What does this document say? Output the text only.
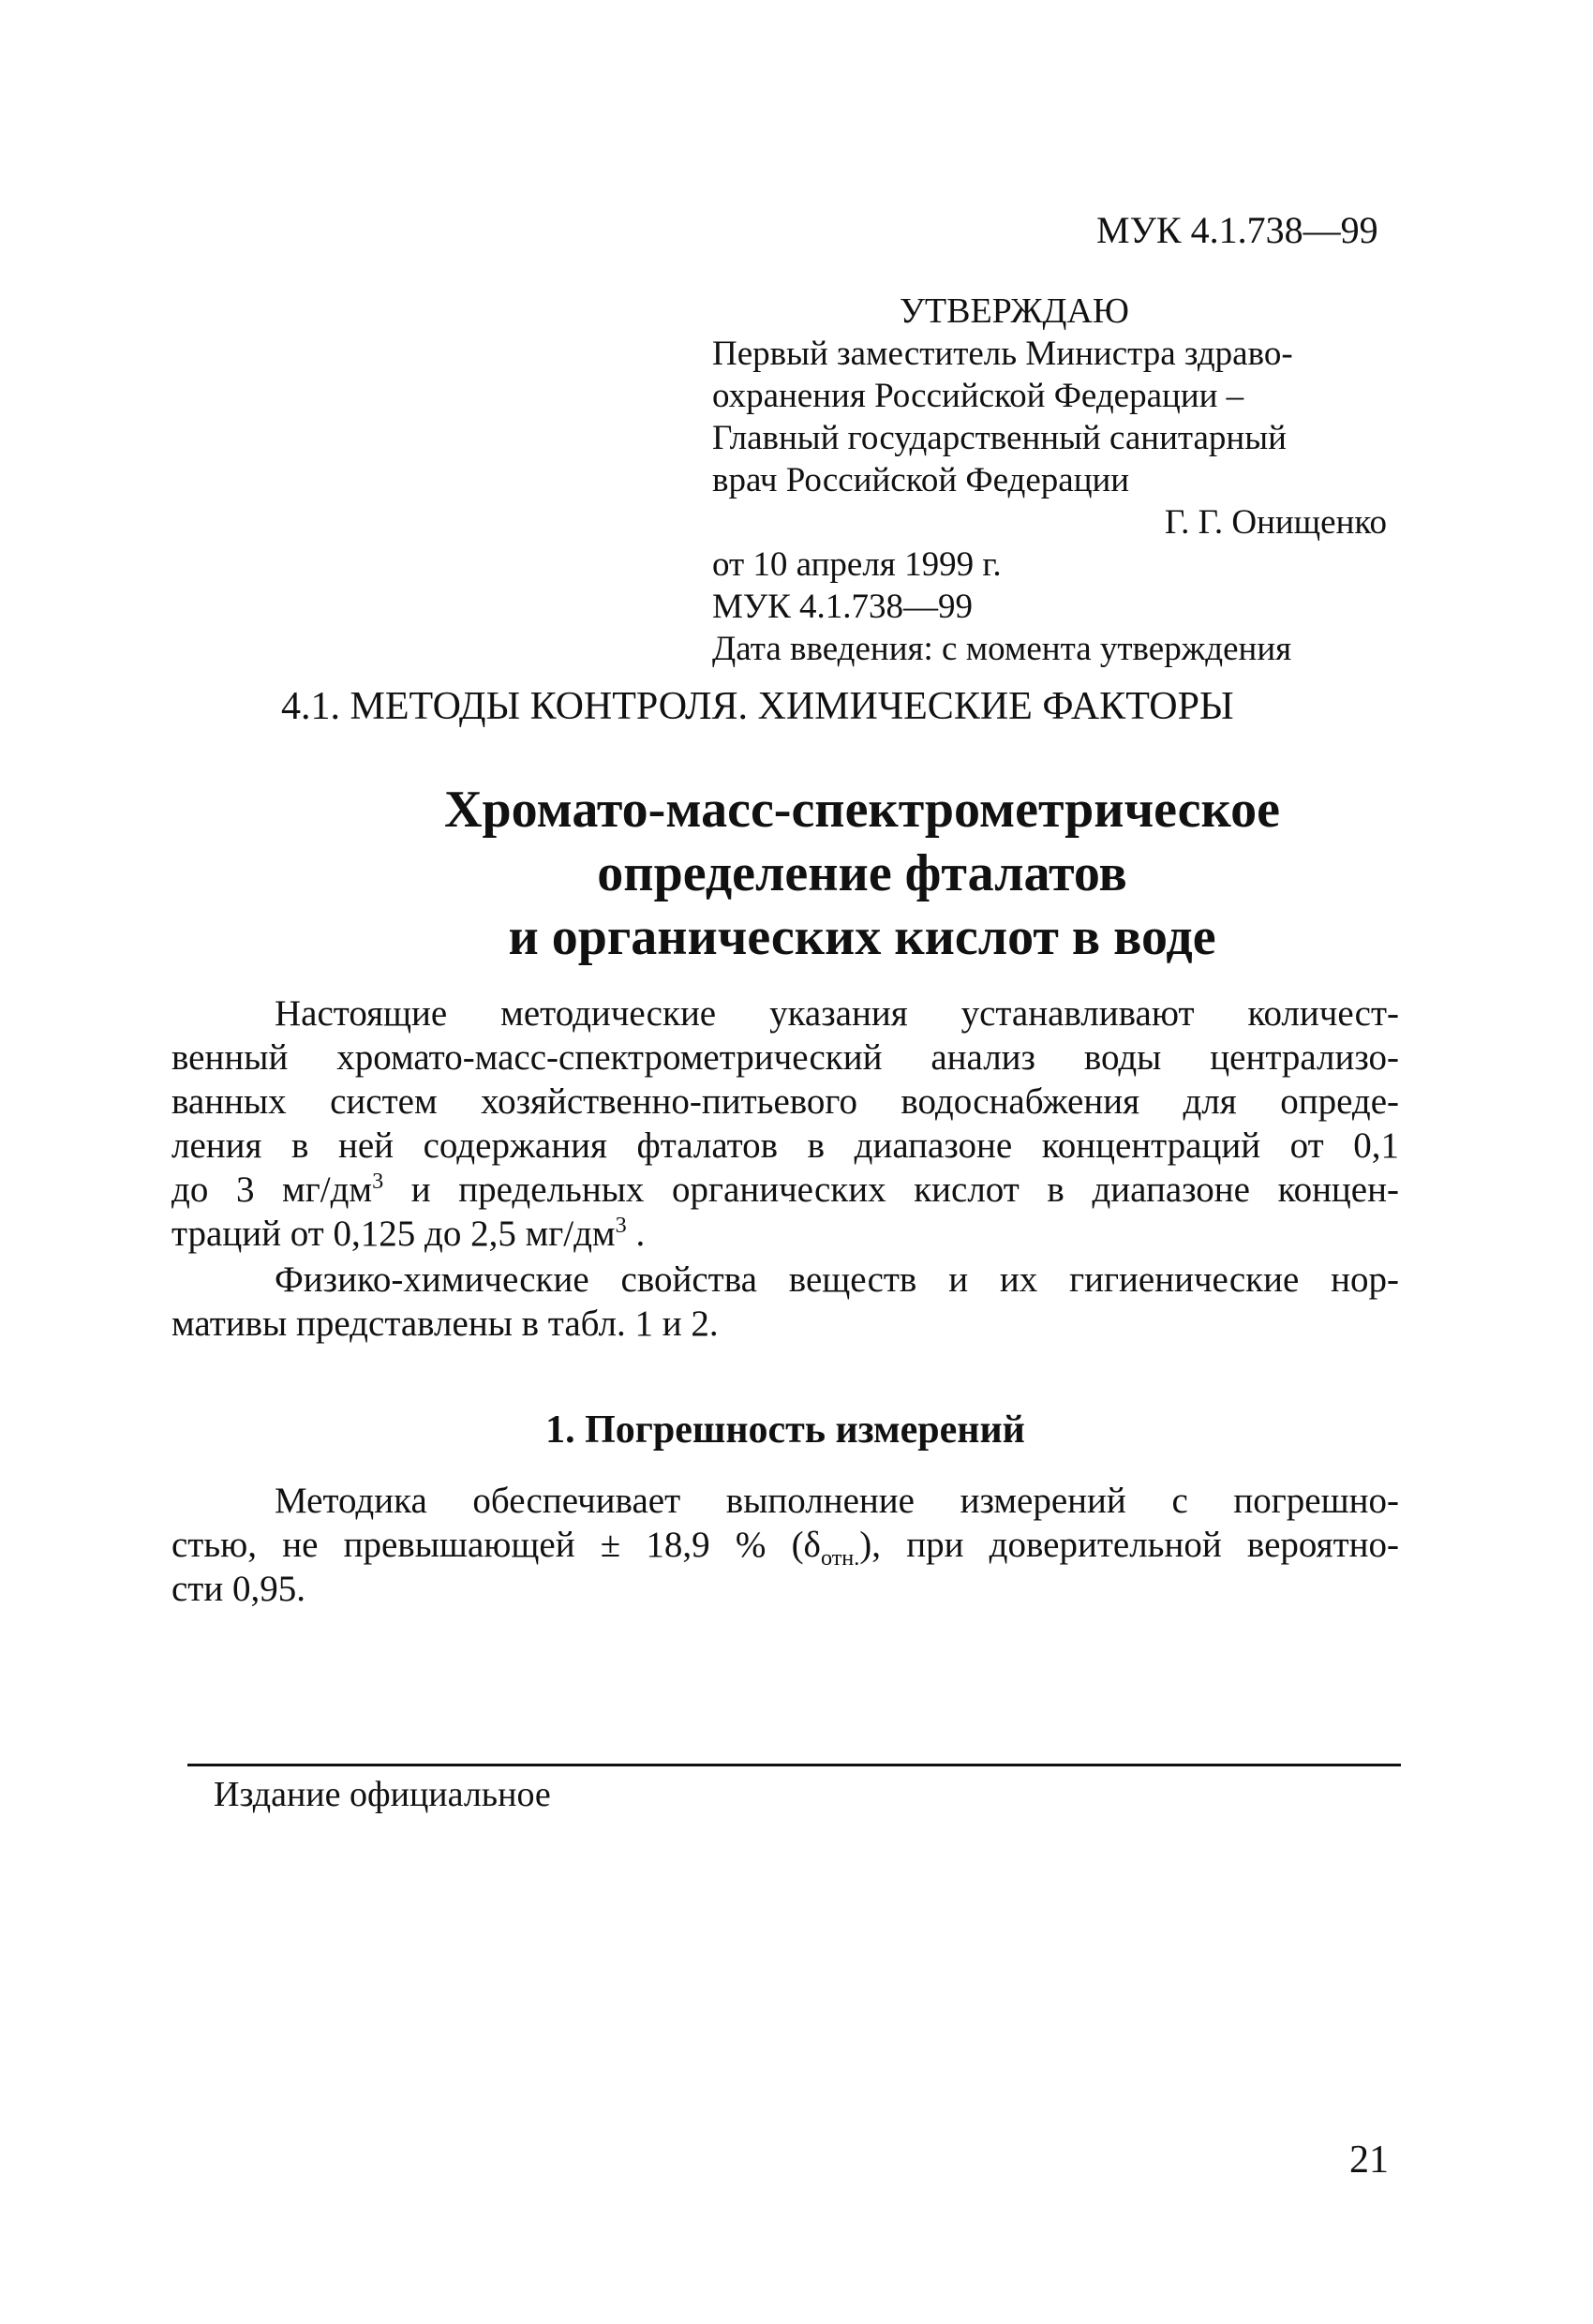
МУК 4.1.738—99
УТВЕРЖДАЮ
Первый заместитель Министра здраво-
охранения Российской Федерации –
Главный государственный санитарный
врач Российской Федерации
Г. Г. Онищенко
от 10 апреля 1999 г.
МУК 4.1.738—99
Дата введения: с момента утверждения
4.1. МЕТОДЫ КОНТРОЛЯ. ХИМИЧЕСКИЕ ФАКТОРЫ
Хромато-масс-спектрометрическое
определение фталатов
и органических кислот в воде
Настоящие методические указания устанавливают количест-
венный хромато-масс-спектрометрический анализ воды централизо-
ванных систем хозяйственно-питьевого водоснабжения для опреде-
ления в ней содержания фталатов в диапазоне концентраций от 0,1
до 3 $мг/дм^3$ и предельных органических кислот в диапазоне концен-
траций от 0,125 до 2,5 $мг/дм^3$ .
Физико-химические свойства веществ и их гигиенические нор-
мативы представлены в табл. 1 и 2.
1. Погрешность измерений
Методика обеспечивает выполнение измерений с погрешно-
стью, не превышающей ± 18,9 % $(\delta_{отн.})$, при доверительной вероятно-
сти 0,95.
Издание официальное
21
